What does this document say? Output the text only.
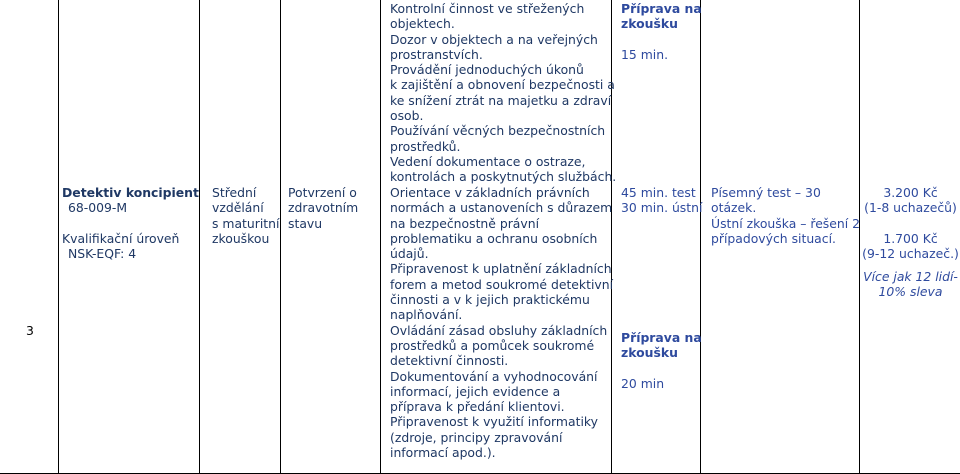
3
Detektiv koncipient
68-009-M
Kvalifikační úroveň
NSK-EQF: 4
Střední
vzdělání
s maturitní
zkouškou
Potvrzení o
zdravotním
stavu
Kontrolní činnost ve střežených
objektech.
Dozor v objektech a na veřejných
prostranstvích.
Provádění jednoduchých úkonů
k zajištění a obnovení bezpečnosti a
ke snížení ztrát na majetku a zdraví
osob.
Používání věcných bezpečnostních
prostředků.
Vedení dokumentace o ostraze,
kontrolách a poskytnutých službách.
Orientace v základních právních
normách a ustanoveních s důrazem
na bezpečnostně právní
problematiku a ochranu osobních
údajů.
Připravenost k uplatnění základních
forem a metod soukromé detektivní
činnosti a v k jejich praktickému
naplňování.
Ovládání zásad obsluhy základních
prostředků a pomůcek soukromé
detektivní činnosti.
Dokumentování a vyhodnocování
informací, jejich evidence a
příprava k předání klientovi.
Připravenost k využití informatiky
(zdroje, principy zpravování
informací apod.).
Příprava na
zkoušku
15 min.
45 min. test
30 min. ústní
Příprava na
zkoušku
20 min
Písemný test – 30
otázek.
Ústní zkouška – řešení 2
případových situací.
3.200 Kč
(1-8 uchazečů)
1.700 Kč
(9-12 uchazeč.)
Více jak 12 lidí-
10% sleva
